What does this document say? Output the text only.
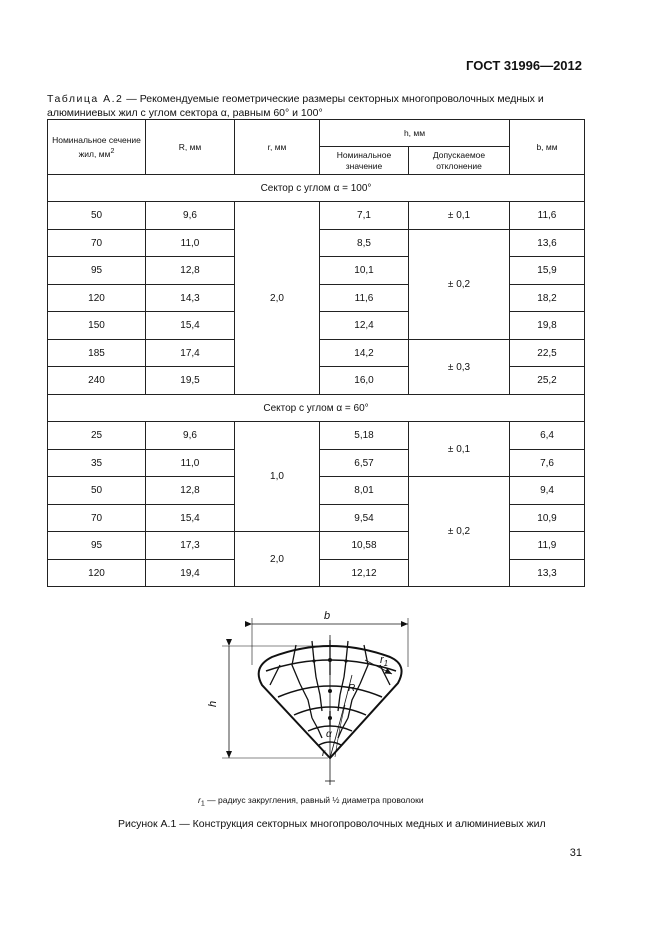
ГОСТ 31996—2012
Таблица А.2 — Рекомендуемые геометрические размеры секторных многопроволочных медных и алюминиевых жил с углом сектора α, равным 60° и 100°
Номинальное сечение жил, $мм^2$	R, мм	r, мм	h, мм		b, мм
			Номинальное значение	Допускаемое отклонение	
Сектор с углом α = 100°					
50	9,6	2,0	7,1	± 0,1	11,6
70	11,0		8,5	± 0,2	13,6
95	12,8		10,1		15,9
120	14,3		11,6		18,2
150	15,4		12,4		19,8
185	17,4		14,2	± 0,3	22,5
240	19,5		16,0		25,2
Сектор с углом α = 60°					
25	9,6	1,0	5,18	± 0,1	6,4
35	11,0		6,57		7,6
50	12,8		8,01	± 0,2	9,4
70	15,4		9,54		10,9
95	17,3	2,0	10,58		11,9
120	19,4		12,12		13,3
b
h
$r_1$
R
α
r
$r_1$ — радиус закругления, равный ½ диаметра проволоки
Рисунок А.1 — Конструкция секторных многопроволочных медных и алюминиевых жил
31
